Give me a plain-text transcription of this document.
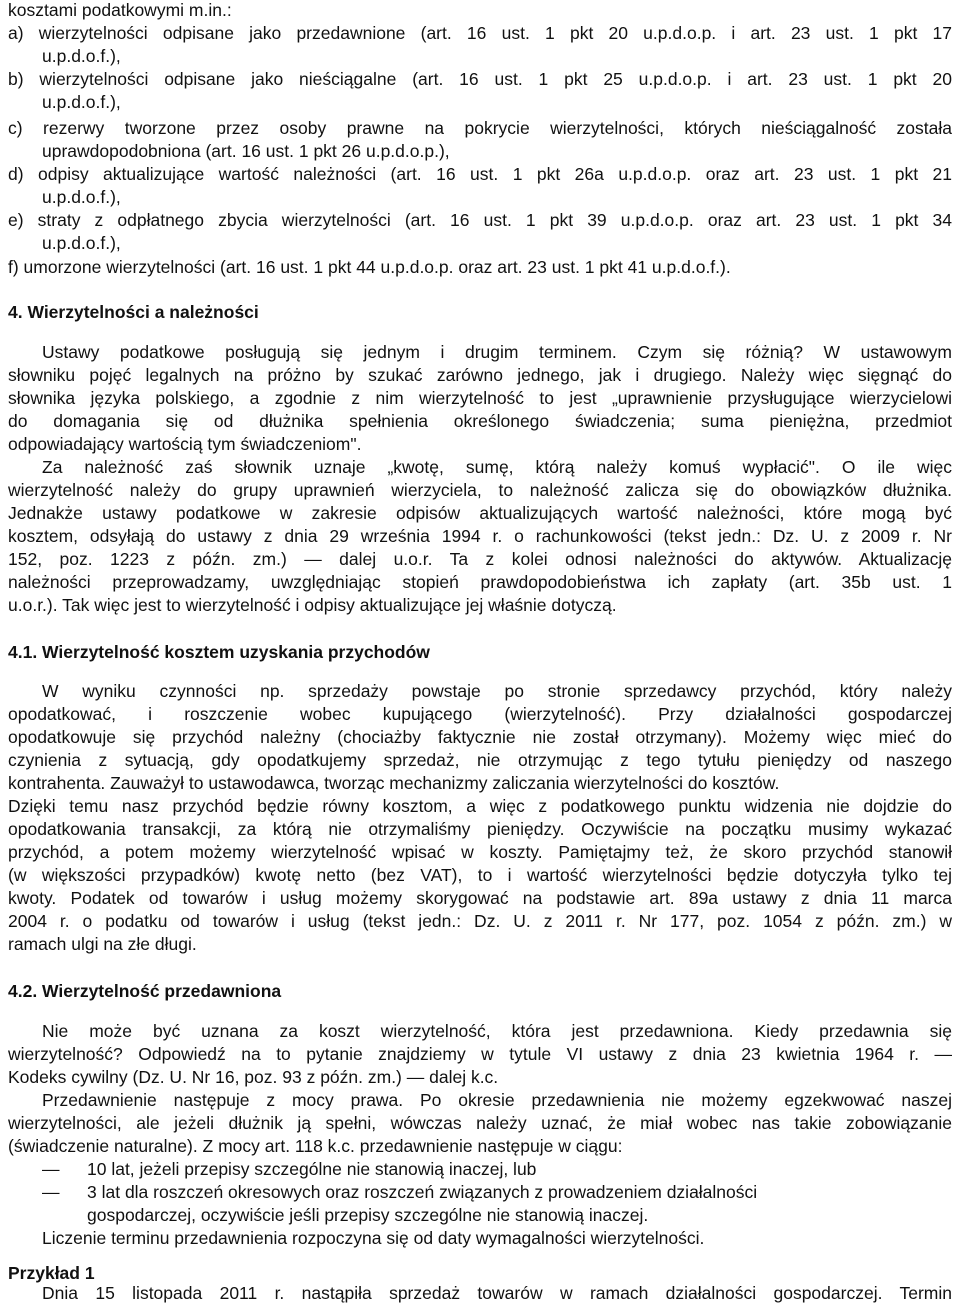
kosztami podatkowymi m.in.:
a) wierzytelności odpisane jako przedawnione (art. 16 ust. 1 pkt 20 u.p.d.o.p. i art. 23 ust. 1 pkt 17
u.p.d.o.f.),
b) wierzytelności odpisane jako nieściągalne (art. 16 ust. 1 pkt 25 u.p.d.o.p. i art. 23 ust. 1 pkt 20
u.p.d.o.f.),
c) rezerwy tworzone przez osoby prawne na pokrycie wierzytelności, których nieściągalność została
uprawdopodobniona (art. 16 ust. 1 pkt 26 u.p.d.o.p.),
d) odpisy aktualizujące wartość należności (art. 16 ust. 1 pkt 26a u.p.d.o.p. oraz art. 23 ust. 1 pkt 21
u.p.d.o.f.),
e) straty z odpłatnego zbycia wierzytelności (art. 16 ust. 1 pkt 39 u.p.d.o.p. oraz art. 23 ust. 1 pkt 34
u.p.d.o.f.),
f) umorzone wierzytelności (art. 16 ust. 1 pkt 44 u.p.d.o.p. oraz art. 23 ust. 1 pkt 41 u.p.d.o.f.).
4. Wierzytelności a należności
Ustawy podatkowe posługują się jednym i drugim terminem. Czym się różnią? W ustawowym
słowniku pojęć legalnych na próżno by szukać zarówno jednego, jak i drugiego. Należy więc sięgnąć do
słownika języka polskiego, a zgodnie z nim wierzytelność to jest „uprawnienie przysługujące wierzycielowi
do domagania się od dłużnika spełnienia określonego świadczenia; suma pieniężna, przedmiot
odpowiadający wartością tym świadczeniom".
Za należność zaś słownik uznaje „kwotę, sumę, którą należy komuś wypłacić". O ile więc
wierzytelność należy do grupy uprawnień wierzyciela, to należność zalicza się do obowiązków dłużnika.
Jednakże ustawy podatkowe w zakresie odpisów aktualizujących wartość należności, które mogą być
kosztem, odsyłają do ustawy z dnia 29 września 1994 r. o rachunkowości (tekst jedn.: Dz. U. z 2009 r. Nr
152, poz. 1223 z późn. zm.) — dalej u.o.r. Ta z kolei odnosi należności do aktywów. Aktualizację
należności przeprowadzamy, uwzględniając stopień prawdopodobieństwa ich zapłaty (art. 35b ust. 1
u.o.r.). Tak więc jest to wierzytelność i odpisy aktualizujące jej właśnie dotyczą.
4.1. Wierzytelność kosztem uzyskania przychodów
W wyniku czynności np. sprzedaży powstaje po stronie sprzedawcy przychód, który należy
opodatkować, i roszczenie wobec kupującego (wierzytelność). Przy działalności gospodarczej
opodatkowuje się przychód należny (chociażby faktycznie nie został otrzymany). Możemy więc mieć do
czynienia z sytuacją, gdy opodatkujemy sprzedaż, nie otrzymując z tego tytułu pieniędzy od naszego
kontrahenta. Zauważył to ustawodawca, tworząc mechanizmy zaliczania wierzytelności do kosztów.
Dzięki temu nasz przychód będzie równy kosztom, a więc z podatkowego punktu widzenia nie dojdzie do
opodatkowania transakcji, za którą nie otrzymaliśmy pieniędzy. Oczywiście na początku musimy wykazać
przychód, a potem możemy wierzytelność wpisać w koszty. Pamiętajmy też, że skoro przychód stanowił
(w większości przypadków) kwotę netto (bez VAT), to i wartość wierzytelności będzie dotyczyła tylko tej
kwoty. Podatek od towarów i usług możemy skorygować na podstawie art. 89a ustawy z dnia 11 marca
2004 r. o podatku od towarów i usług (tekst jedn.: Dz. U. z 2011 r. Nr 177, poz. 1054 z późn. zm.) w
ramach ulgi na złe długi.
4.2. Wierzytelność przedawniona
Nie może być uznana za koszt wierzytelność, która jest przedawniona. Kiedy przedawnia się
wierzytelność? Odpowiedź na to pytanie znajdziemy w tytule VI ustawy z dnia 23 kwietnia 1964 r. —
Kodeks cywilny (Dz. U. Nr 16, poz. 93 z późn. zm.) — dalej k.c.
Przedawnienie następuje z mocy prawa. Po okresie przedawnienia nie możemy egzekwować naszej
wierzytelności, ale jeżeli dłużnik ją spełni, wówczas należy uznać, że miał wobec nas takie zobowiązanie
(świadczenie naturalne). Z mocy art. 118 k.c. przedawnienie następuje w ciągu:
— 10 lat, jeżeli przepisy szczególne nie stanowią inaczej, lub
— 3 lat dla roszczeń okresowych oraz roszczeń związanych z prowadzeniem działalności
gospodarczej, oczywiście jeśli przepisy szczególne nie stanowią inaczej.
Liczenie terminu przedawnienia rozpoczyna się od daty wymagalności wierzytelności.
Przykład 1
Dnia 15 listopada 2011 r. nastąpiła sprzedaż towarów w ramach działalności gospodarczej. Termin
